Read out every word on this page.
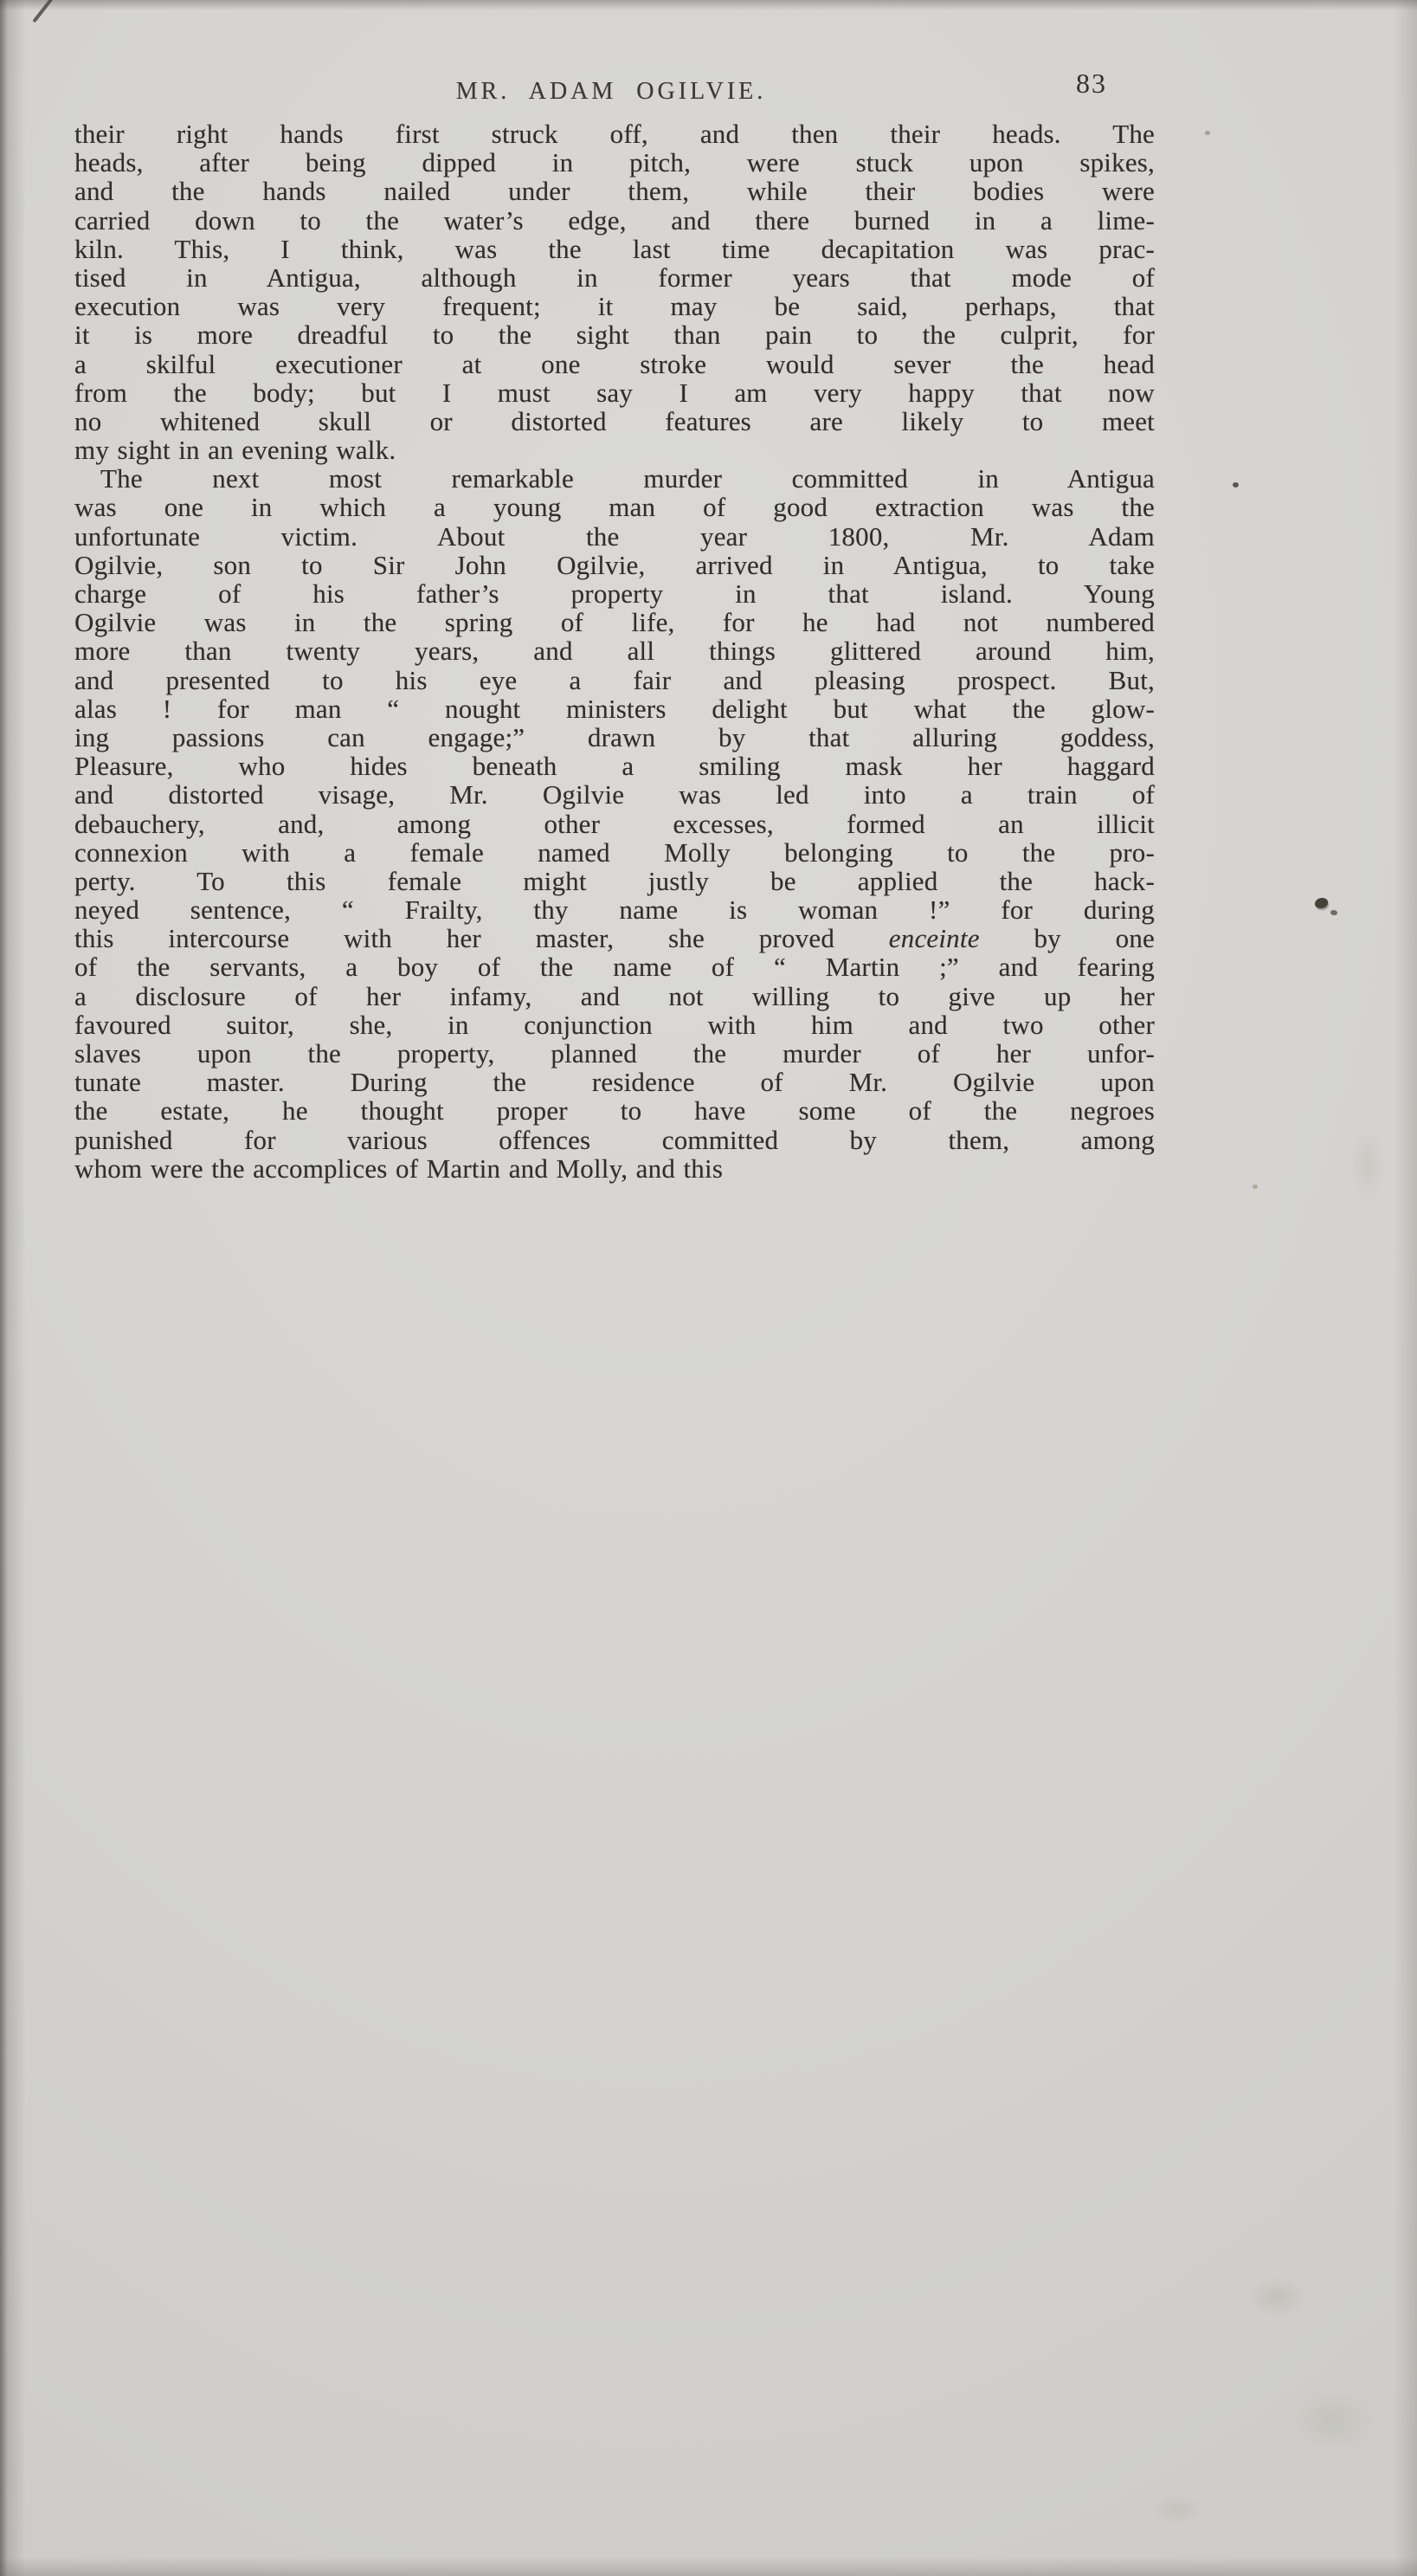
MR. ADAM OGILVIE.	83
their right hands first struck off, and then their heads. The
heads, after being dipped in pitch, were stuck upon spikes,
and the hands nailed under them, while their bodies were
carried down to the water’s edge, and there burned in a lime-
kiln. This, I think, was the last time decapitation was prac-
tised in Antigua, although in former years that mode of
execution was very frequent; it may be said, perhaps, that
it is more dreadful to the sight than pain to the culprit, for
a skilful executioner at one stroke would sever the head
from the body; but I must say I am very happy that now
no whitened skull or distorted features are likely to meet
my sight in an evening walk.
The next most remarkable murder committed in Antigua
was one in which a young man of good extraction was the
unfortunate victim. About the year 1800, Mr. Adam
Ogilvie, son to Sir John Ogilvie, arrived in Antigua, to take
charge of his father’s property in that island. Young
Ogilvie was in the spring of life, for he had not numbered
more than twenty years, and all things glittered around him,
and presented to his eye a fair and pleasing prospect. But,
alas ! for man “ nought ministers delight but what the glow-
ing passions can engage;” drawn by that alluring goddess,
Pleasure, who hides beneath a smiling mask her haggard
and distorted visage, Mr. Ogilvie was led into a train of
debauchery, and, among other excesses, formed an illicit
connexion with a female named Molly belonging to the pro-
perty. To this female might justly be applied the hack-
neyed sentence, “ Frailty, thy name is woman !” for during
this intercourse with her master, she proved enceinte by one
of the servants, a boy of the name of “ Martin ;” and fearing
a disclosure of her infamy, and not willing to give up her
favoured suitor, she, in conjunction with him and two other
slaves upon the property, planned the murder of her unfor-
tunate master. During the residence of Mr. Ogilvie upon
the estate, he thought proper to have some of the negroes
punished for various offences committed by them, among
whom were the accomplices of Martin and Molly, and this
